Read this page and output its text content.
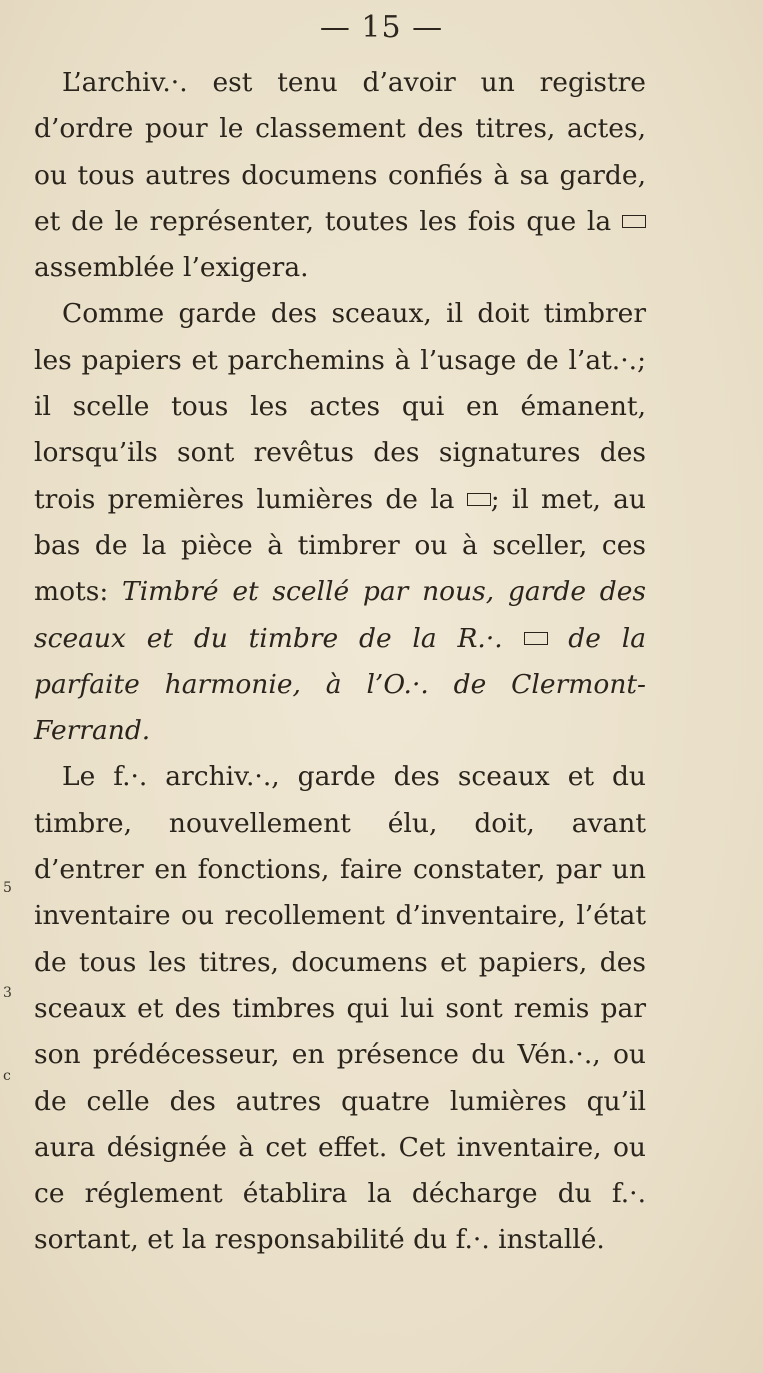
— 15 —

L’archiv.·. est tenu d’avoir un registre d’ordre pour le classement des titres, actes, ou tous autres documens confiés à sa garde, et de le représenter, toutes les fois que la  assemblée l’exigera.

Comme garde des sceaux, il doit timbrer les papiers et parchemins à l’usage de l’at.·.; il scelle tous les actes qui en émanent, lorsqu’ils sont revêtus des signatures des trois premières lumières de la ; il met, au bas de la pièce à timbrer ou à sceller, ces mots: Timbré et scellé par nous, garde des sceaux et du timbre de la R.·.  de la parfaite harmonie, à l’O.·. de Clermont-Ferrand.

Le f.·. archiv.·., garde des sceaux et du timbre, nouvellement élu, doit, avant d’entrer en fonctions, faire constater, par un inventaire ou recollement d’inventaire, l’état de tous les titres, documens et papiers, des sceaux et des timbres qui lui sont remis par son prédécesseur, en présence du Vén.·., ou de celle des autres quatre lumières qu’il aura désignée à cet effet. Cet inventaire, ou ce réglement établira la décharge du f.·. sortant, et la responsabilité du f.·. installé.

5
3
c
